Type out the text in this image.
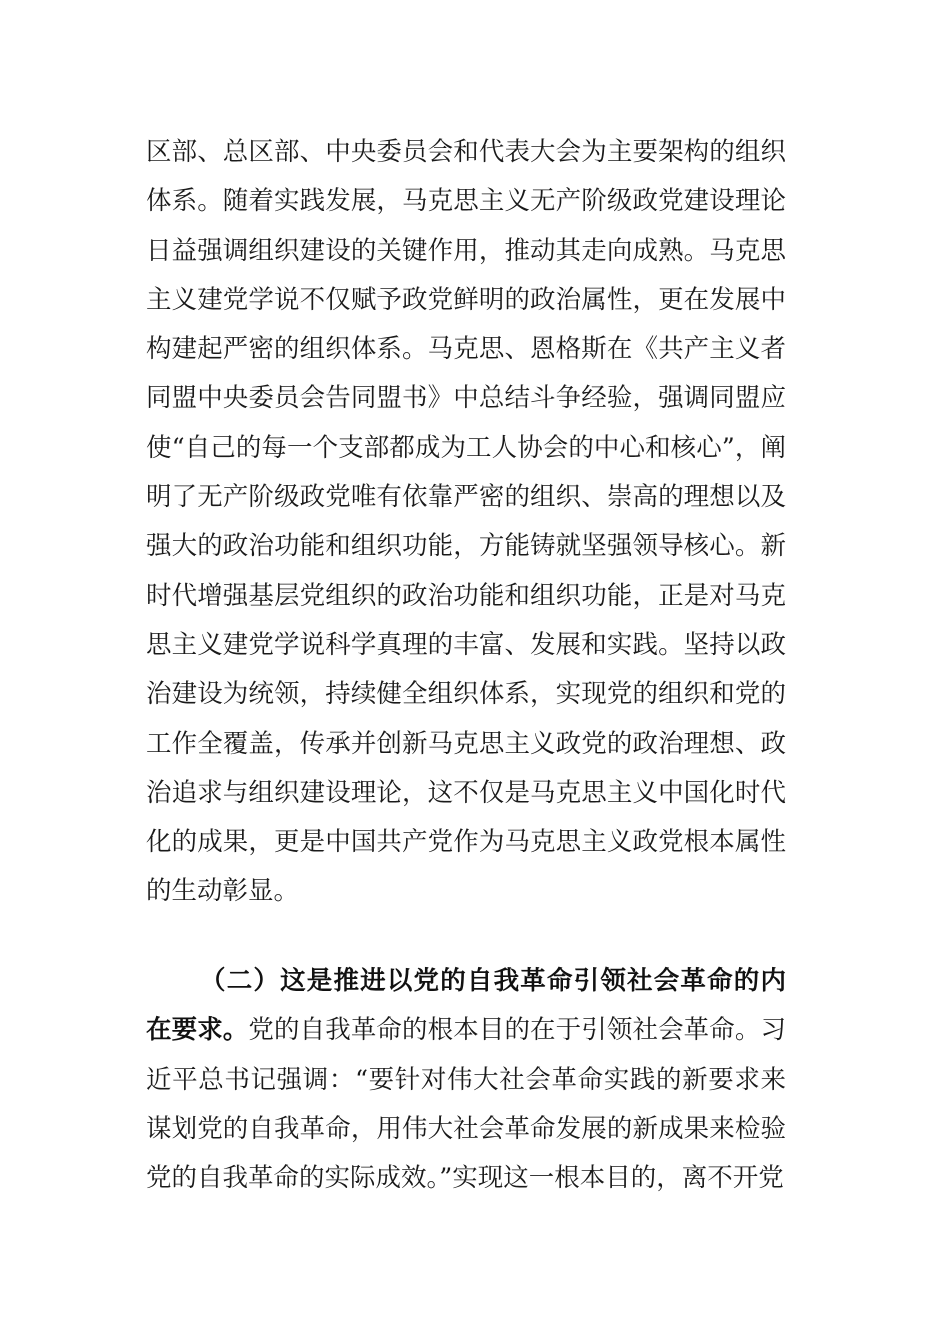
区部、总区部、中央委员会和代表大会为主要架构的组织体系。随着实践发展，马克思主义无产阶级政党建设理论日益强调组织建设的关键作用，推动其走向成熟。马克思主义建党学说不仅赋予政党鲜明的政治属性，更在发展中构建起严密的组织体系。马克思、恩格斯在《共产主义者同盟中央委员会告同盟书》中总结斗争经验，强调同盟应使“自己的每一个支部都成为工人协会的中心和核心”，阐明了无产阶级政党唯有依靠严密的组织、崇高的理想以及强大的政治功能和组织功能，方能铸就坚强领导核心。新时代增强基层党组织的政治功能和组织功能，正是对马克思主义建党学说科学真理的丰富、发展和实践。坚持以政治建设为统领，持续健全组织体系，实现党的组织和党的工作全覆盖，传承并创新马克思主义政党的政治理想、政治追求与组织建设理论，这不仅是马克思主义中国化时代化的成果，更是中国共产党作为马克思主义政党根本属性的生动彰显。

（二）这是推进以党的自我革命引领社会革命的内在要求。党的自我革命的根本目的在于引领社会革命。习近平总书记强调：“要针对伟大社会革命实践的新要求来谋划党的自我革命，用伟大社会革命发展的新成果来检验党的自我革命的实际成效。”实现这一根本目的，离不开党
